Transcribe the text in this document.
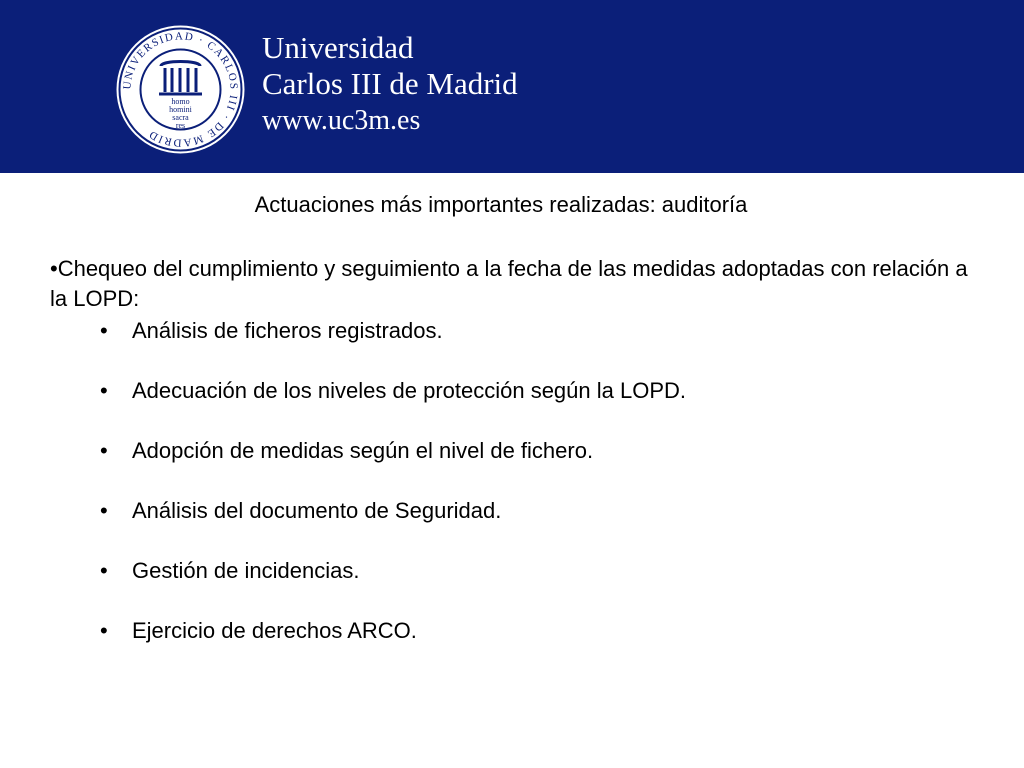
UNIVERSIDAD · CARLOS III · DE MADRID
homo
homini
sacra
res
Universidad
Carlos III de Madrid
www.uc3m.es
Actuaciones más importantes realizadas: auditoría
•Chequeo del cumplimiento y seguimiento a la fecha de las medidas adoptadas con relación a la LOPD:
• Análisis de ficheros registrados.
• Adecuación de los niveles de protección según la LOPD.
• Adopción de medidas según el nivel de fichero.
• Análisis del documento de Seguridad.
• Gestión de incidencias.
• Ejercicio de derechos ARCO.
